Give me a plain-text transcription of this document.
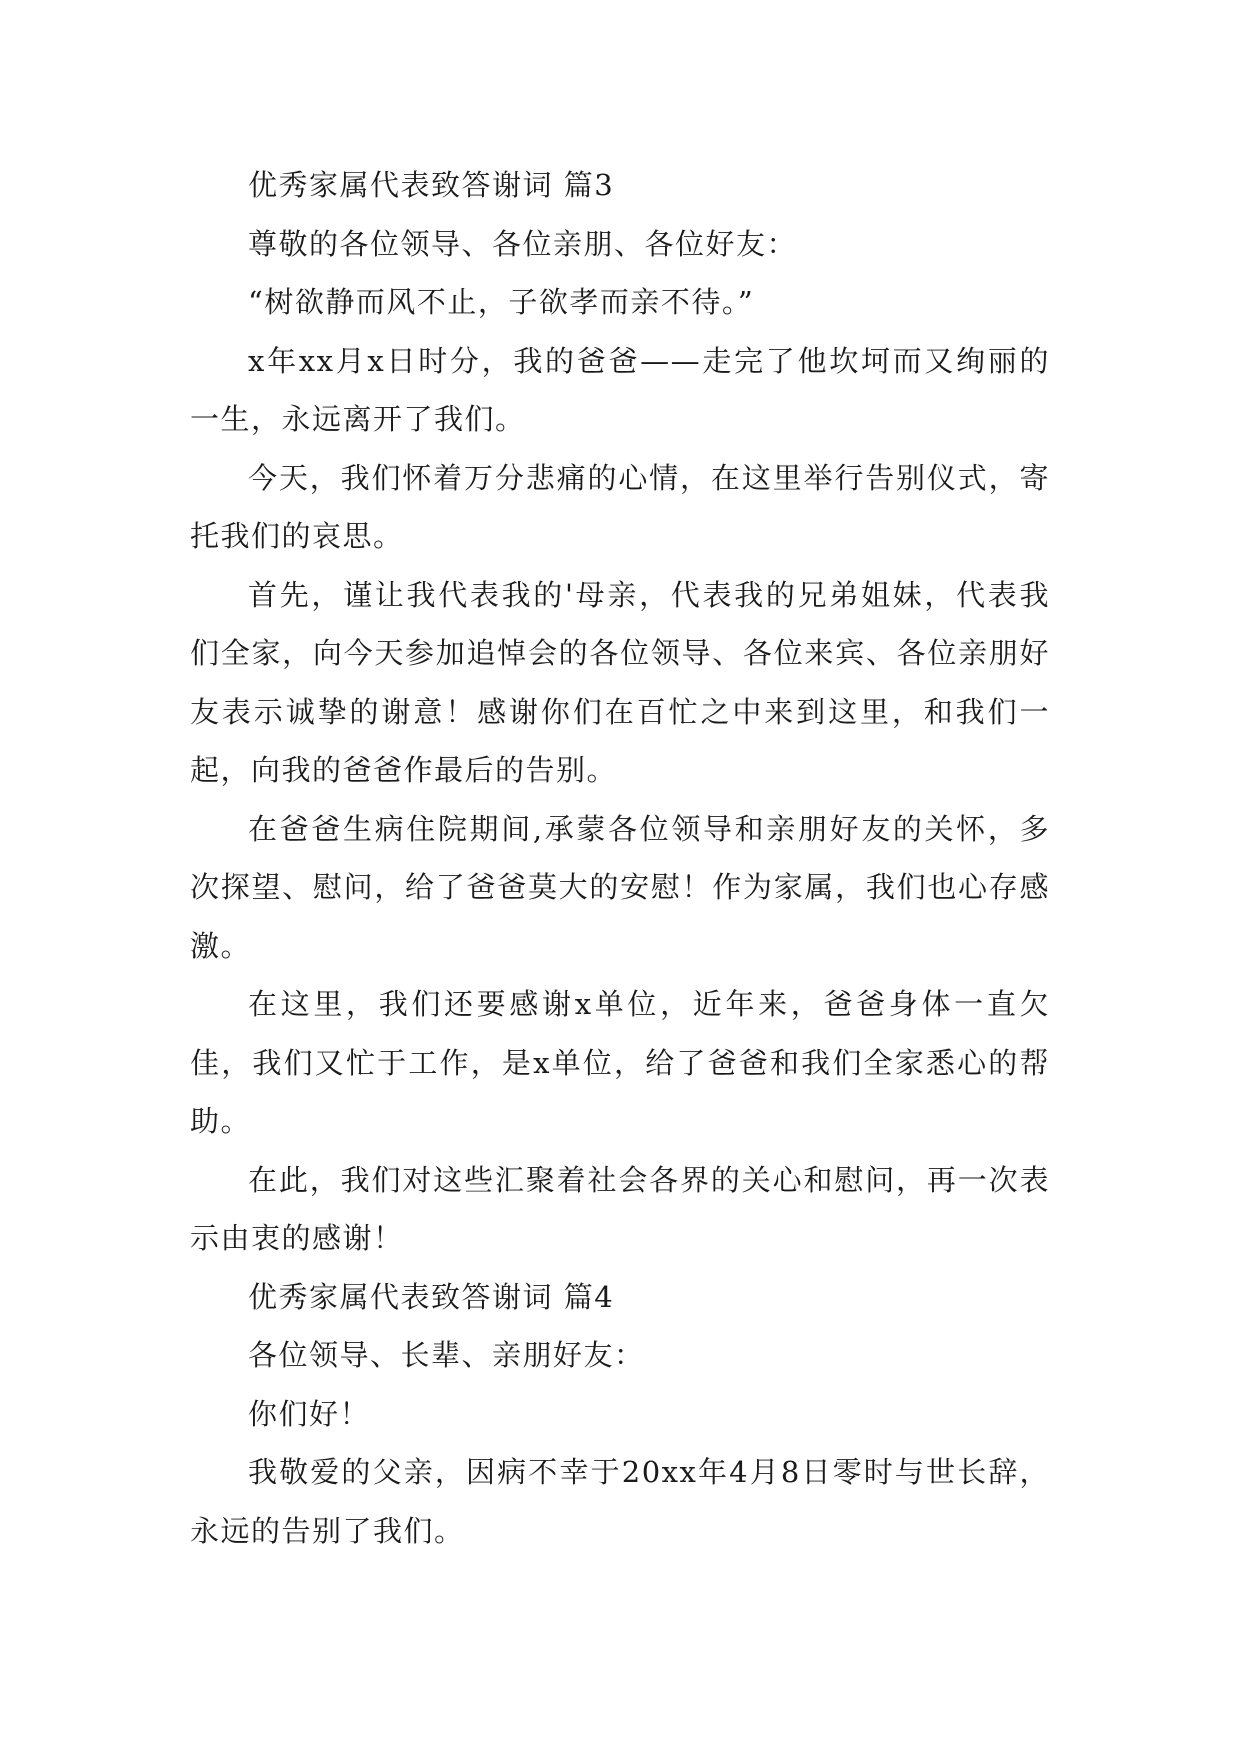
优秀家属代表致答谢词 篇3

尊敬的各位领导、各位亲朋、各位好友：

“树欲静而风不止，子欲孝而亲不待。”

x年xx月x日时分，我的爸爸——走完了他坎坷而又绚丽的一生，永远离开了我们。

今天，我们怀着万分悲痛的心情，在这里举行告别仪式，寄托我们的哀思。

首先，谨让我代表我的'母亲，代表我的兄弟姐妹，代表我们全家，向今天参加追悼会的各位领导、各位来宾、各位亲朋好友表示诚挚的谢意！感谢你们在百忙之中来到这里，和我们一起，向我的爸爸作最后的告别。

在爸爸生病住院期间,承蒙各位领导和亲朋好友的关怀，多次探望、慰问，给了爸爸莫大的安慰！作为家属，我们也心存感激。

在这里，我们还要感谢x单位，近年来，爸爸身体一直欠佳，我们又忙于工作，是x单位，给了爸爸和我们全家悉心的帮助。

在此，我们对这些汇聚着社会各界的关心和慰问，再一次表示由衷的感谢！

优秀家属代表致答谢词 篇4

各位领导、长辈、亲朋好友：

你们好！

我敬爱的父亲，因病不幸于20xx年4月8日零时与世长辞，永远的告别了我们。
